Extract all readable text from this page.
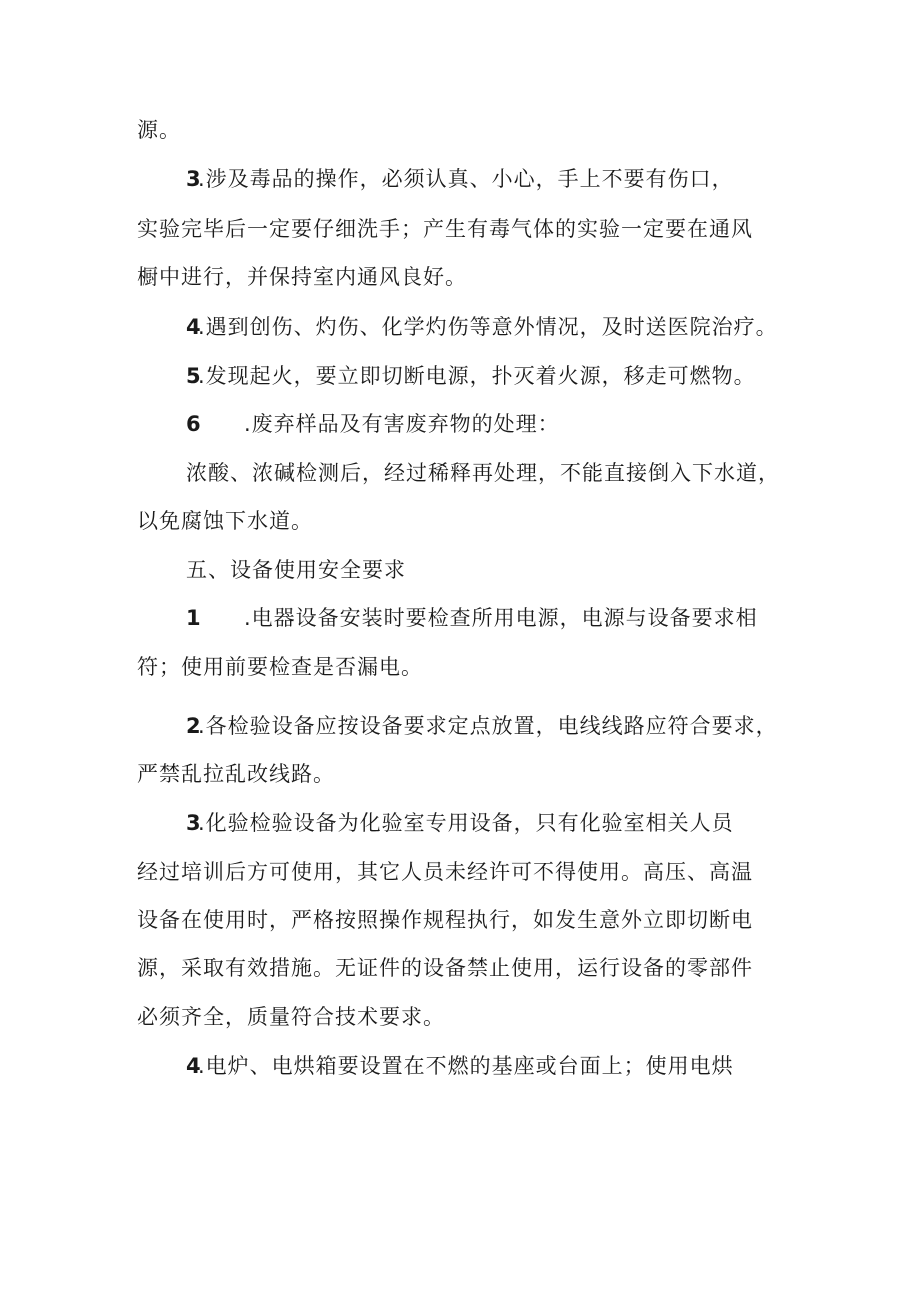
源。
3.涉及毒品的操作，必须认真、小心，手上不要有伤口，
实验完毕后一定要仔细洗手；产生有毒气体的实验一定要在通风
橱中进行，并保持室内通风良好。
4.遇到创伤、灼伤、化学灼伤等意外情况，及时送医院治疗。
5.发现起火，要立即切断电源，扑灭着火源，移走可燃物。
6 .废弃样品及有害废弃物的处理：
浓酸、浓碱检测后，经过稀释再处理，不能直接倒入下水道，
以免腐蚀下水道。
五、设备使用安全要求
1 .电器设备安装时要检查所用电源，电源与设备要求相
符；使用前要检查是否漏电。
2.各检验设备应按设备要求定点放置，电线线路应符合要求，
严禁乱拉乱改线路。
3.化验检验设备为化验室专用设备，只有化验室相关人员
经过培训后方可使用，其它人员未经许可不得使用。高压、高温
设备在使用时，严格按照操作规程执行，如发生意外立即切断电
源，采取有效措施。无证件的设备禁止使用，运行设备的零部件
必须齐全，质量符合技术要求。
4.电炉、电烘箱要设置在不燃的基座或台面上；使用电烘
